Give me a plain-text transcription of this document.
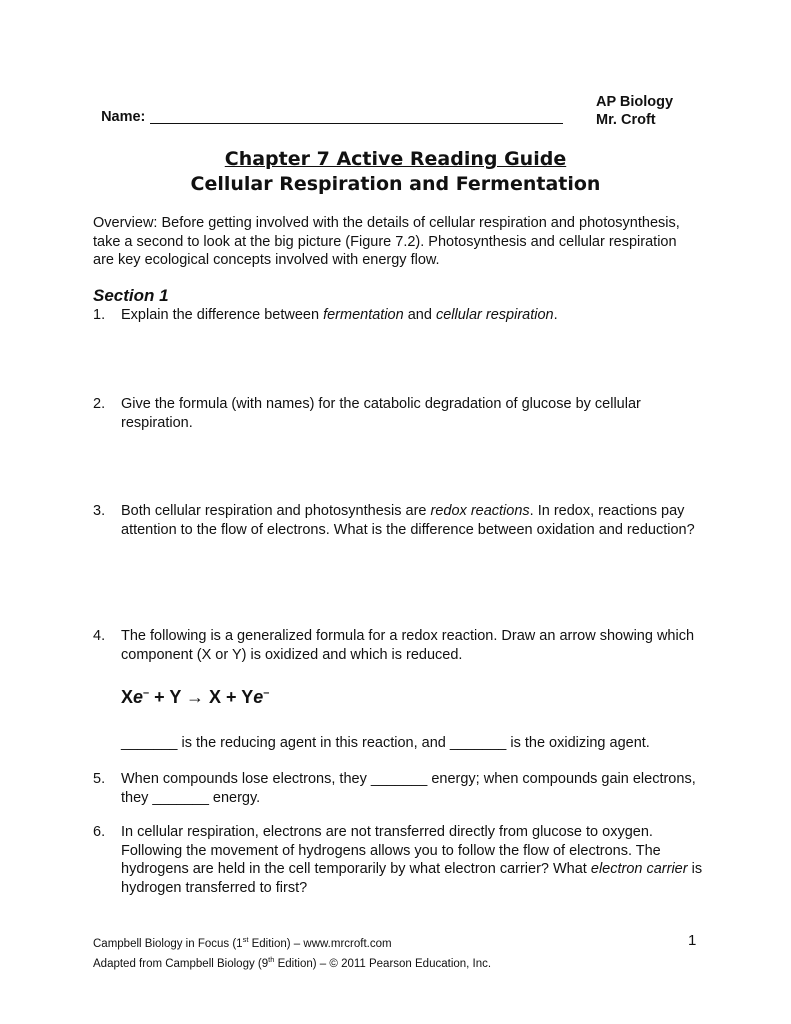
Name:

AP Biology
Mr. Croft
Chapter 7 Active Reading Guide
Cellular Respiration and Fermentation
Overview: Before getting involved with the details of cellular respiration and photosynthesis, take a second to look at the big picture (Figure 7.2). Photosynthesis and cellular respiration are key ecological concepts involved with energy flow.
Section 1
1. Explain the difference between fermentation and cellular respiration.
2. Give the formula (with names) for the catabolic degradation of glucose by cellular respiration.
3. Both cellular respiration and photosynthesis are redox reactions. In redox, reactions pay attention to the flow of electrons. What is the difference between oxidation and reduction?
4. The following is a generalized formula for a redox reaction. Draw an arrow showing which component (X or Y) is oxidized and which is reduced.
Xe– + Y → X + Ye–
_______ is the reducing agent in this reaction, and _______ is the oxidizing agent.
5. When compounds lose electrons, they _______ energy; when compounds gain electrons, they _______ energy.
6. In cellular respiration, electrons are not transferred directly from glucose to oxygen. Following the movement of hydrogens allows you to follow the flow of electrons. The hydrogens are held in the cell temporarily by what electron carrier? What electron carrier is hydrogen transferred to first?
Campbell Biology in Focus (1st Edition) – www.mrcroft.com
Adapted from Campbell Biology (9th Edition) – © 2011 Pearson Education, Inc.
1
